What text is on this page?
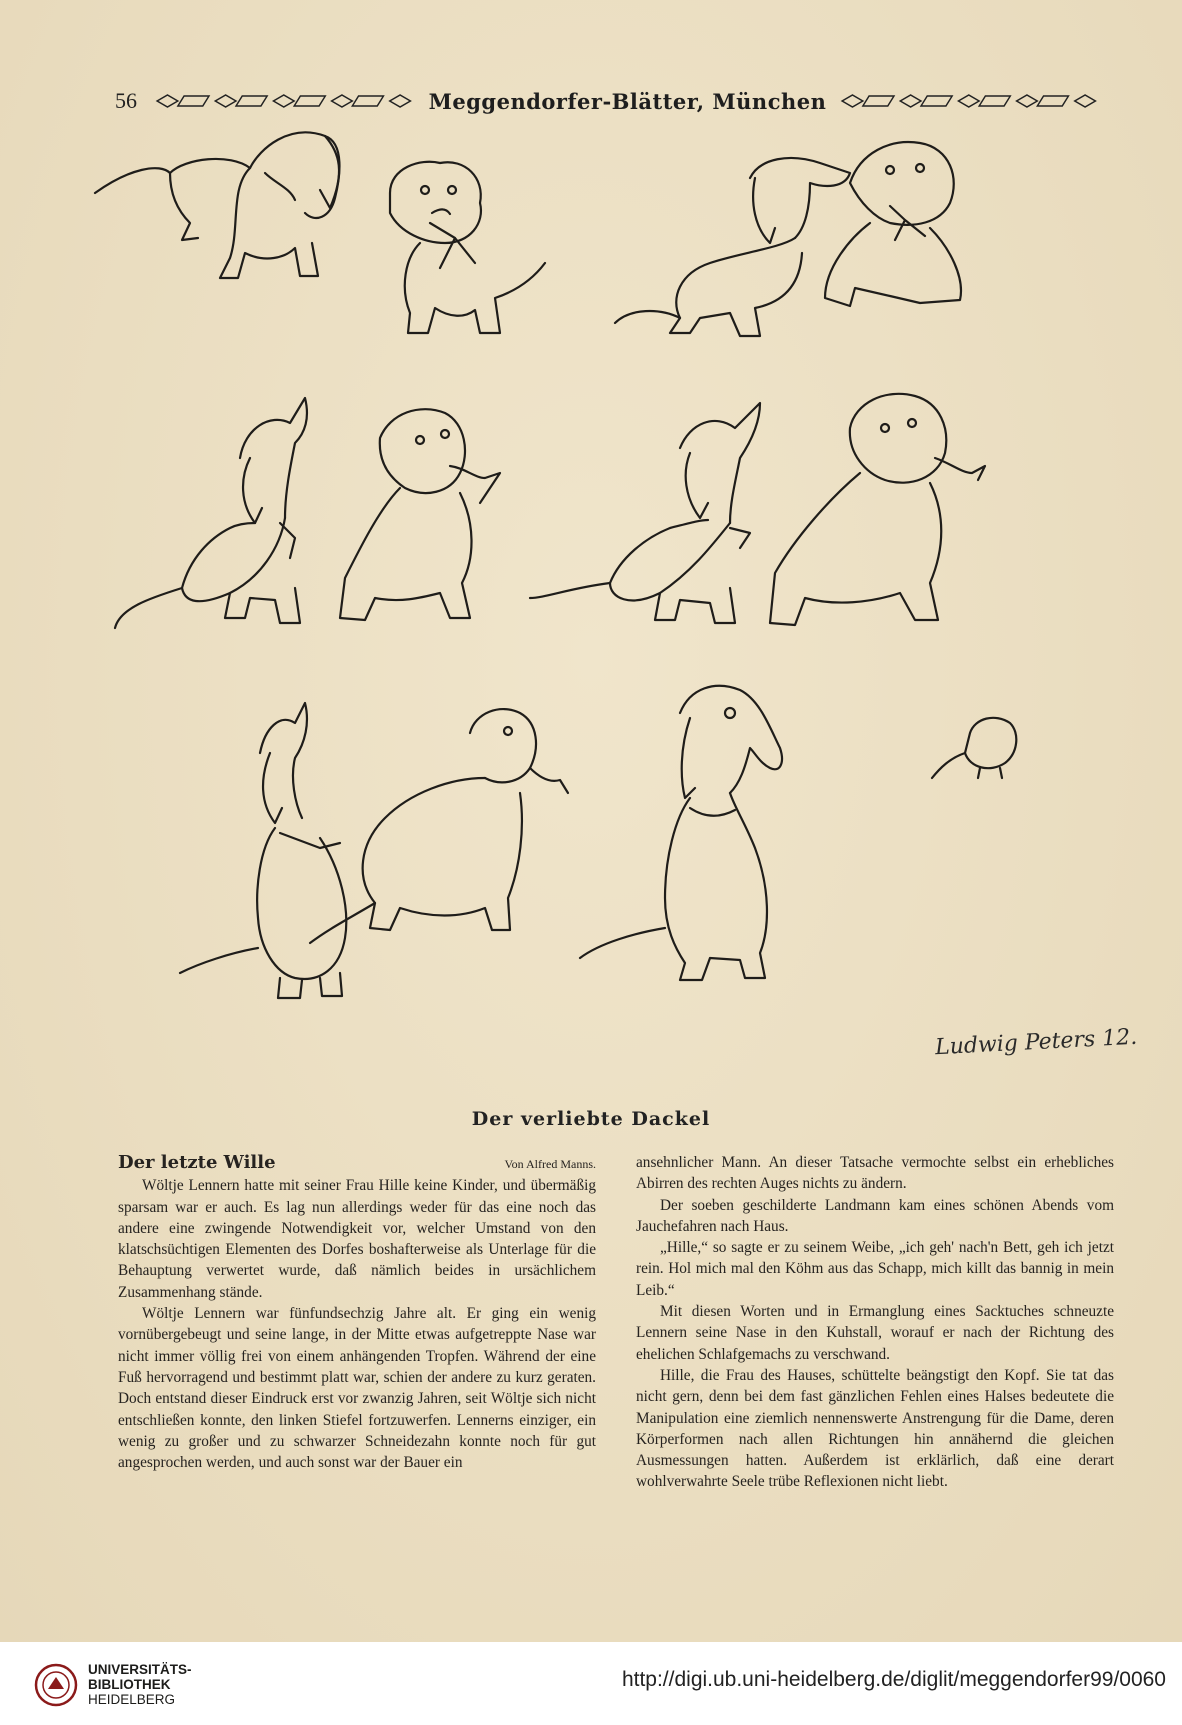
56	Meggendorfer-Blätter, München
Ludwig Peters 12.
Der verliebte Dackel
Der letzte Wille	Von Alfred Manns.

Wöltje Lennern hatte mit seiner Frau Hille keine Kinder, und übermäßig sparsam war er auch. Es lag nun allerdings weder für das eine noch das andere eine zwingende Notwendigkeit vor, welcher Umstand von den klatschsüchtigen Elementen des Dorfes boshafterweise als Unterlage für die Behauptung verwertet wurde, daß nämlich beides in ursächlichem Zusammenhang stände.

Wöltje Lennern war fünfundsechzig Jahre alt. Er ging ein wenig vornübergebeugt und seine lange, in der Mitte etwas aufgetreppte Nase war nicht immer völlig frei von einem anhängenden Tropfen. Während der eine Fuß hervorragend und bestimmt platt war, schien der andere zu kurz geraten. Doch entstand dieser Eindruck erst vor zwanzig Jahren, seit Wöltje sich nicht entschließen konnte, den linken Stiefel fortzuwerfen. Lennerns einziger, ein wenig zu großer und zu schwarzer Schneidezahn konnte noch für gut angesprochen werden, und auch sonst war der Bauer ein

ansehnlicher Mann. An dieser Tatsache vermochte selbst ein erhebliches Abirren des rechten Auges nichts zu ändern.

Der soeben geschilderte Landmann kam eines schönen Abends vom Jauchefahren nach Haus.

„Hille,“ so sagte er zu seinem Weibe, „ich geh' nach'n Bett, geh ich jetzt rein. Hol mich mal den Köhm aus das Schapp, mich killt das bannig in mein Leib.“

Mit diesen Worten und in Ermanglung eines Sacktuches schneuzte Lennern seine Nase in den Kuhstall, worauf er nach der Richtung des ehelichen Schlafgemachs zu verschwand.

Hille, die Frau des Hauses, schüttelte beängstigt den Kopf. Sie tat das nicht gern, denn bei dem fast gänzlichen Fehlen eines Halses bedeutete die Manipulation eine ziemlich nennenswerte Anstrengung für die Dame, deren Körperformen nach allen Richtungen hin annähernd die gleichen Ausmessungen hatten. Außerdem ist erklärlich, daß eine derart wohlverwahrte Seele trübe Reflexionen nicht liebt.

UNIVERSITÄTS-
BIBLIOTHEK
HEIDELBERG
http://digi.ub.uni-heidelberg.de/diglit/meggendorfer99/0060
